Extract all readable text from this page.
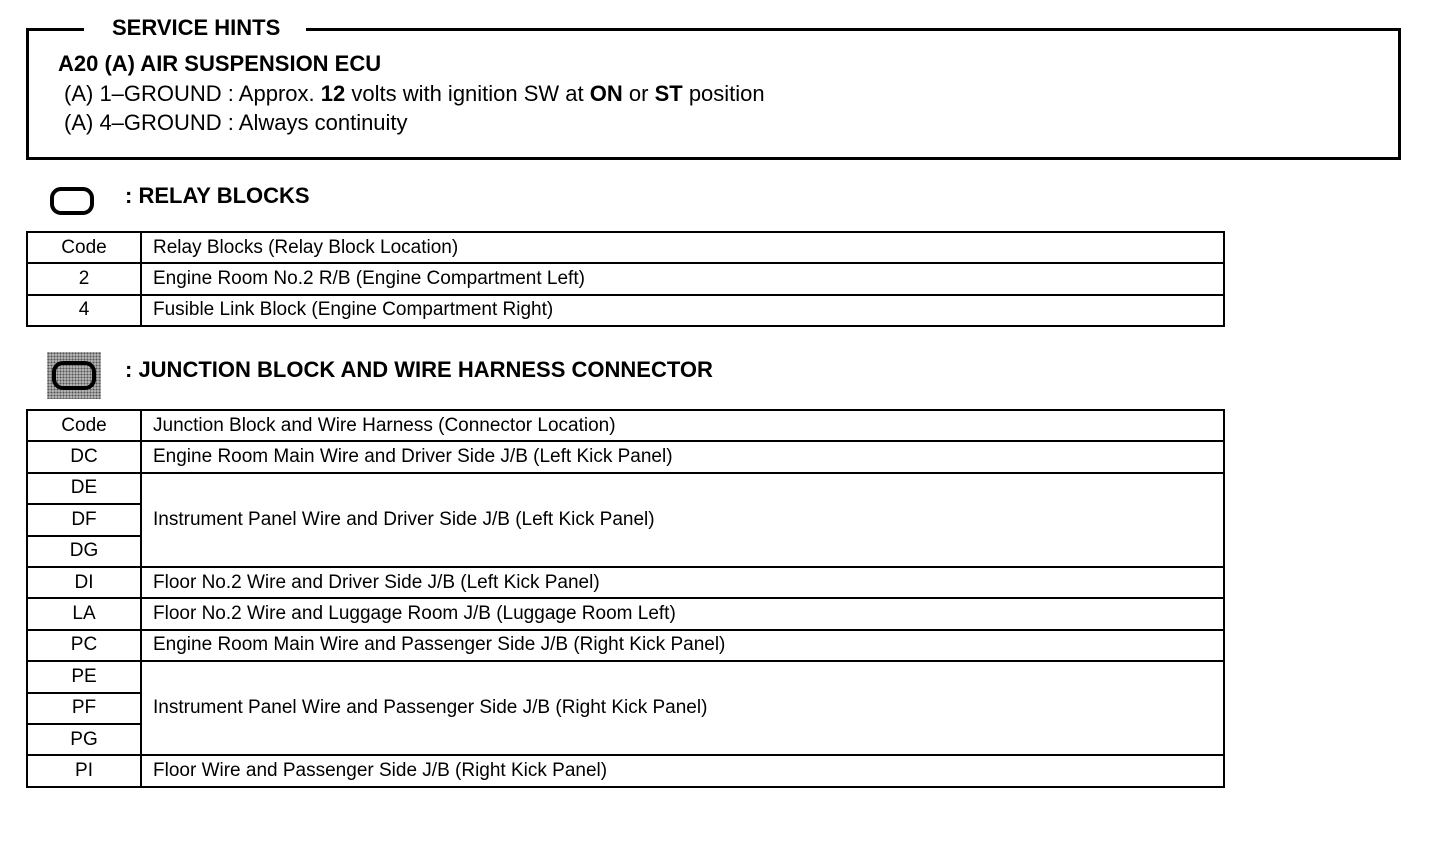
SERVICE HINTS
A20 (A) AIR SUSPENSION ECU
(A) 1–GROUND : Approx. 12 volts with ignition SW at ON or ST position
(A) 4–GROUND : Always continuity
: RELAY BLOCKS
Code	Relay Blocks (Relay Block Location)
2	Engine Room No.2 R/B (Engine Compartment Left)
4	Fusible Link Block (Engine Compartment Right)
: JUNCTION BLOCK AND WIRE HARNESS CONNECTOR
Code	Junction Block and Wire Harness (Connector Location)
DC	Engine Room Main Wire and Driver Side J/B (Left Kick Panel)
DE	Instrument Panel Wire and Driver Side J/B (Left Kick Panel)
DF	
DG	
DI	Floor No.2 Wire and Driver Side J/B (Left Kick Panel)
LA	Floor No.2 Wire and Luggage Room J/B (Luggage Room Left)
PC	Engine Room Main Wire and Passenger Side J/B (Right Kick Panel)
PE	Instrument Panel Wire and Passenger Side J/B (Right Kick Panel)
PF	
PG	
PI	Floor Wire and Passenger Side J/B (Right Kick Panel)
